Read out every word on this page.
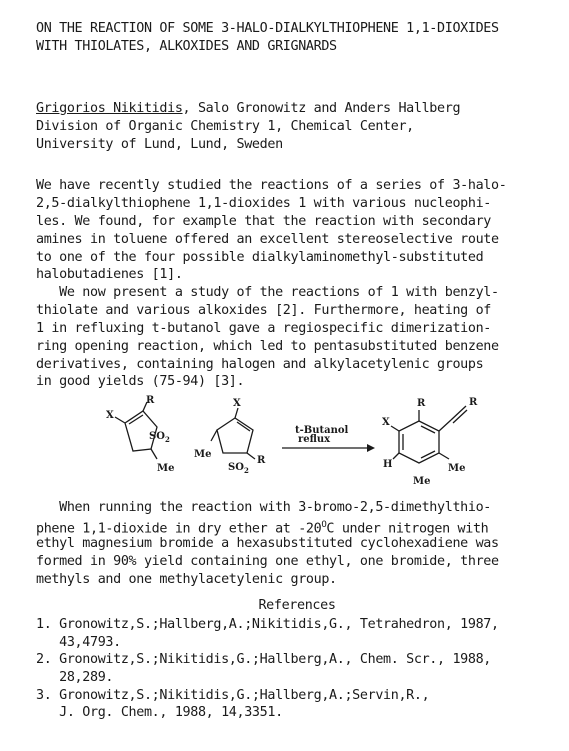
ON THE REACTION OF SOME 3-HALO-DIALKYLTHIOPHENE 1,1-DIOXIDES
WITH THIOLATES, ALKOXIDES AND GRIGNARDS
Grigorios Nikitidis, Salo Gronowitz and Anders Hallberg
Division of Organic Chemistry 1, Chemical Center,
University of Lund, Lund, Sweden
We have recently studied the reactions of a series of 3-halo-
2,5-dialkylthiophene 1,1-dioxides 1 with various nucleophi-
les. We found, for example that the reaction with secondary
amines in toluene offered an excellent stereoselective route
to one of the four possible dialkylaminomethyl-substituted
halobutadienes [1].
We now present a study of the reactions of 1 with benzyl-
thiolate and various alkoxides [2]. Furthermore, heating of
1 in refluxing t-butanol gave a regiospecific dimerization-
ring opening reaction, which led to pentasubstituted benzene
derivatives, containing halogen and alkylacetylenic groups
in good yields (75-94) [3].
X
R
$SO_2$
Me
X
Me
$SO_2$
R
t-Butanol
reflux
R	R
X
H	Me
Me
When running the reaction with 3-bromo-2,5-dimethylthio-
phene 1,1-dioxide in dry ether at $-20^OC$ under nitrogen with
ethyl magnesium bromide a hexasubstituted cyclohexadiene was
formed in 90% yield containing one ethyl, one bromide, three
methyls and one methylacetylenic group.
References
1. Gronowitz,S.;Hallberg,A.;Nikitidis,G., Tetrahedron, 1987,
43,4793.
2. Gronowitz,S.;Nikitidis,G.;Hallberg,A., Chem. Scr., 1988,
28,289.
3. Gronowitz,S.;Nikitidis,G.;Hallberg,A.;Servin,R.,
J. Org. Chem., 1988, 14,3351.
